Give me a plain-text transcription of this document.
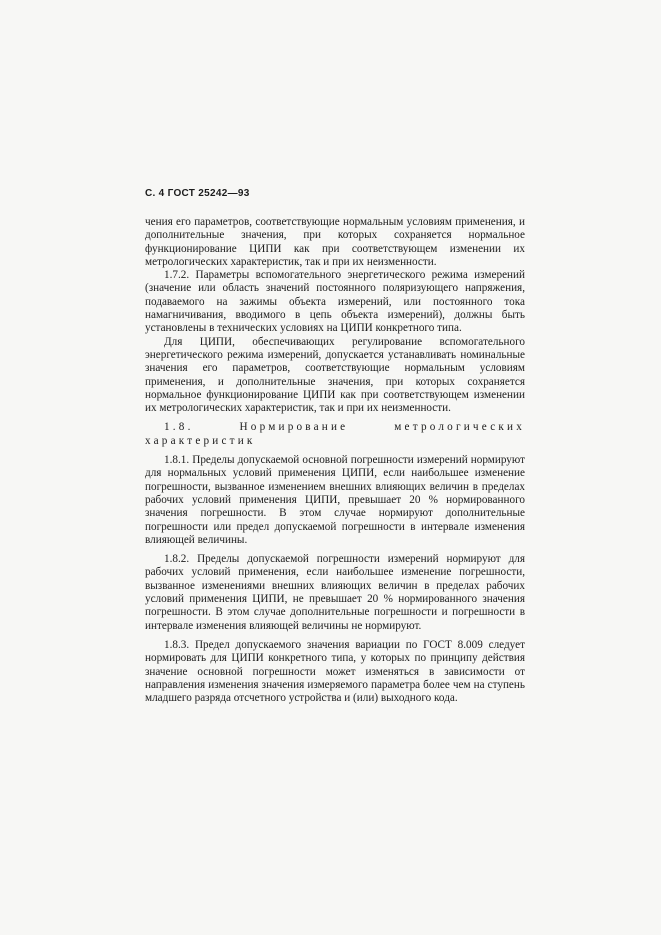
С. 4 ГОСТ 25242—93

чения его параметров, соответствующие нормальным условиям применения, и дополнительные значения, при которых сохраняется нормальное функционирование ЦИПИ как при соответствующем изменении их метрологических характеристик, так и при их неизменности.

1.7.2. Параметры вспомогательного энергетического режима измерений (значение или область значений постоянного поляризующего напряжения, подаваемого на зажимы объекта измерений, или постоянного тока намагничивания, вводимого в цепь объекта измерений), должны быть установлены в технических условиях на ЦИПИ конкретного типа.

Для ЦИПИ, обеспечивающих регулирование вспомогательного энергетического режима измерений, допускается устанавливать номинальные значения его параметров, соответствующие нормальным условиям применения, и дополнительные значения, при которых сохраняется нормальное функционирование ЦИПИ как при соответствующем изменении их метрологических характеристик, так и при их неизменности.

1.8. Нормирование метрологических характеристик

1.8.1. Пределы допускаемой основной погрешности измерений нормируют для нормальных условий применения ЦИПИ, если наибольшее изменение погрешности, вызванное изменением внешних влияющих величин в пределах рабочих условий применения ЦИПИ, превышает 20 % нормированного значения погрешности. В этом случае нормируют дополнительные погрешности или предел допускаемой погрешности в интервале изменения влияющей величины.

1.8.2. Пределы допускаемой погрешности измерений нормируют для рабочих условий применения, если наибольшее изменение погрешности, вызванное изменениями внешних влияющих величин в пределах рабочих условий применения ЦИПИ, не превышает 20 % нормированного значения погрешности. В этом случае дополнительные погрешности и погрешности в интервале изменения влияющей величины не нормируют.

1.8.3. Предел допускаемого значения вариации по ГОСТ 8.009 следует нормировать для ЦИПИ конкретного типа, у которых по принципу действия значение основной погрешности может изменяться в зависимости от направления изменения значения измеряемого параметра более чем на ступень младшего разряда отсчетного устройства и (или) выходного кода.
